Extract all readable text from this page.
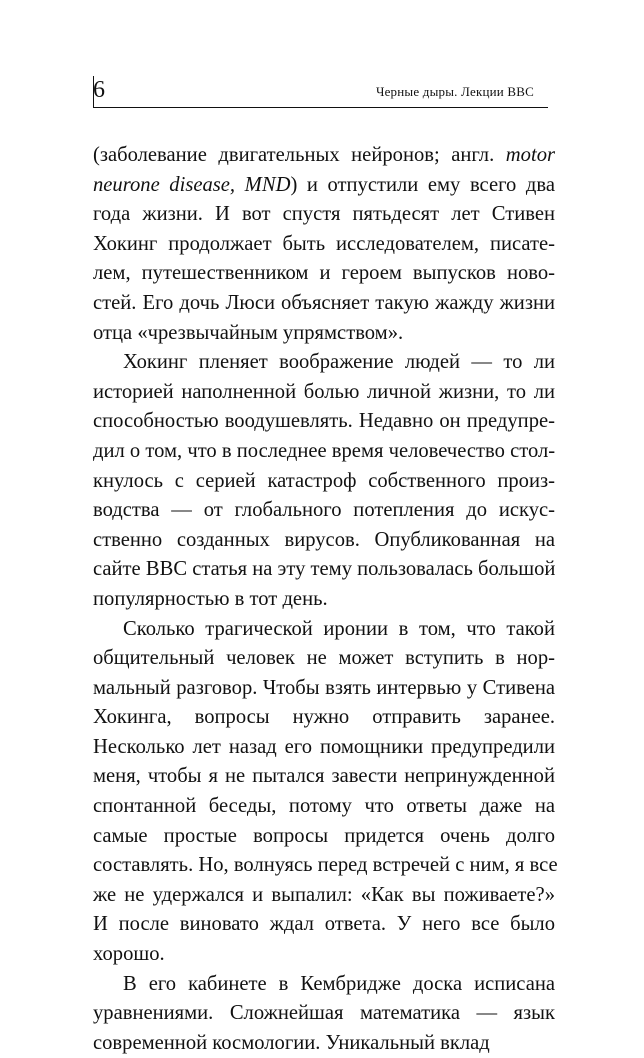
6	Черные дыры. Лекции BBC
(заболевание двигательных нейронов; англ. motor
neurone disease, MND) и отпустили ему всего два
года жизни. И вот спустя пятьдесят лет Стивен
Хокинг продолжает быть исследователем, писате-
лем, путешественником и героем выпусков ново-
стей. Его дочь Люси объясняет такую жажду жизни
отца «чрезвычайным упрямством».
Хокинг пленяет воображение людей — то ли
историей наполненной болью личной жизни, то ли
способностью воодушевлять. Недавно он предупре-
дил о том, что в последнее время человечество стол-
кнулось с серией катастроф собственного произ-
водства — от глобального потепления до искус-
ственно созданных вирусов. Опубликованная на
сайте BBC статья на эту тему пользовалась большой
популярностью в тот день.
Сколько трагической иронии в том, что такой
общительный человек не может вступить в нор-
мальный разговор. Чтобы взять интервью у Стивена
Хокинга, вопросы нужно отправить заранее.
Несколько лет назад его помощники предупредили
меня, чтобы я не пытался завести непринужденной
спонтанной беседы, потому что ответы даже на
самые простые вопросы придется очень долго
составлять. Но, волнуясь перед встречей с ним, я все
же не удержался и выпалил: «Как вы поживаете?»
И после виновато ждал ответа. У него все было
хорошо.
В его кабинете в Кембридже доска исписана
уравнениями. Сложнейшая математика — язык
современной космологии. Уникальный вклад
